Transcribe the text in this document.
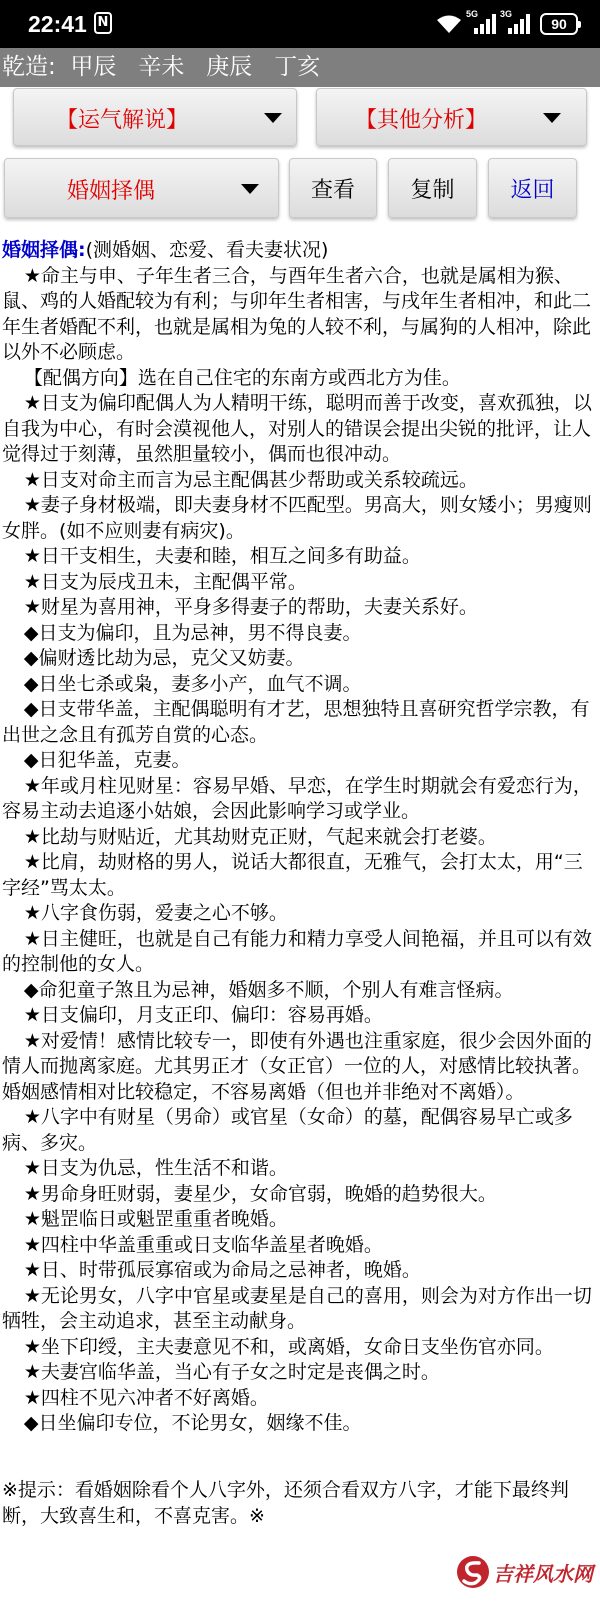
22:41 N
5G 3G
90
乾造: 甲辰 辛未 庚辰 丁亥
【运气解说】	【其他分析】
婚姻择偶	查看	复制	返回

婚姻择偶:(测婚姻、恋爱、看夫妻状况)

★命主与申、子年生者三合，与酉年生者六合，也就是属相为猴、鼠、鸡的人婚配较为有利；与卯年生者相害，与戌年生者相冲，和此二年生者婚配不利，也就是属相为兔的人较不利，与属狗的人相冲，除此以外不必顾虑。

【配偶方向】选在自己住宅的东南方或西北方为佳。

★日支为偏印配偶人为人精明干练，聪明而善于改变，喜欢孤独，以自我为中心，有时会漠视他人，对别人的错误会提出尖锐的批评，让人觉得过于刻薄，虽然胆量较小，偶而也很冲动。

★日支对命主而言为忌主配偶甚少帮助或关系较疏远。

★妻子身材极端，即夫妻身材不匹配型。男高大，则女矮小；男瘦则女胖。(如不应则妻有病灾)。

★日干支相生，夫妻和睦，相互之间多有助益。

★日支为辰戌丑未，主配偶平常。

★财星为喜用神，平身多得妻子的帮助，夫妻关系好。

◆日支为偏印，且为忌神，男不得良妻。

◆偏财透比劫为忌，克父又妨妻。

◆日坐七杀或枭，妻多小产，血气不调。

◆日支带华盖，主配偶聪明有才艺，思想独特且喜研究哲学宗教，有出世之念且有孤芳自赏的心态。

◆日犯华盖，克妻。

★年或月柱见财星：容易早婚、早恋，在学生时期就会有爱恋行为，容易主动去追逐小姑娘，会因此影响学习或学业。

★比劫与财贴近，尤其劫财克正财，气起来就会打老婆。

★比肩，劫财格的男人，说话大都很直，无雅气，会打太太，用“三字经”骂太太。

★八字食伤弱，爱妻之心不够。

★日主健旺，也就是自己有能力和精力享受人间艳福，并且可以有效的控制他的女人。

◆命犯童子煞且为忌神，婚姻多不顺，个别人有难言怪病。

★日支偏印，月支正印、偏印：容易再婚。

★对爱情！感情比较专一，即使有外遇也注重家庭，很少会因外面的情人而抛离家庭。尤其男正才（女正官）一位的人，对感情比较执著。婚姻感情相对比较稳定，不容易离婚（但也并非绝对不离婚）。

★八字中有财星（男命）或官星（女命）的墓，配偶容易早亡或多病、多灾。

★日支为仇忌，性生活不和谐。

★男命身旺财弱，妻星少，女命官弱，晚婚的趋势很大。

★魁罡临日或魁罡重重者晚婚。

★四柱中华盖重重或日支临华盖星者晚婚。

★日、时带孤辰寡宿或为命局之忌神者，晚婚。

★无论男女，八字中官星或妻星是自己的喜用，则会为对方作出一切牺牲，会主动追求，甚至主动献身。

★坐下印绶，主夫妻意见不和，或离婚，女命日支坐伤官亦同。

★夫妻宫临华盖，当心有子女之时定是丧偶之时。

★四柱不见六冲者不好离婚。

◆日坐偏印专位，不论男女，姻缘不佳。

※提示：看婚姻除看个人八字外，还须合看双方八字，才能下最终判断，大致喜生和，不喜克害。※
吉祥风水网
